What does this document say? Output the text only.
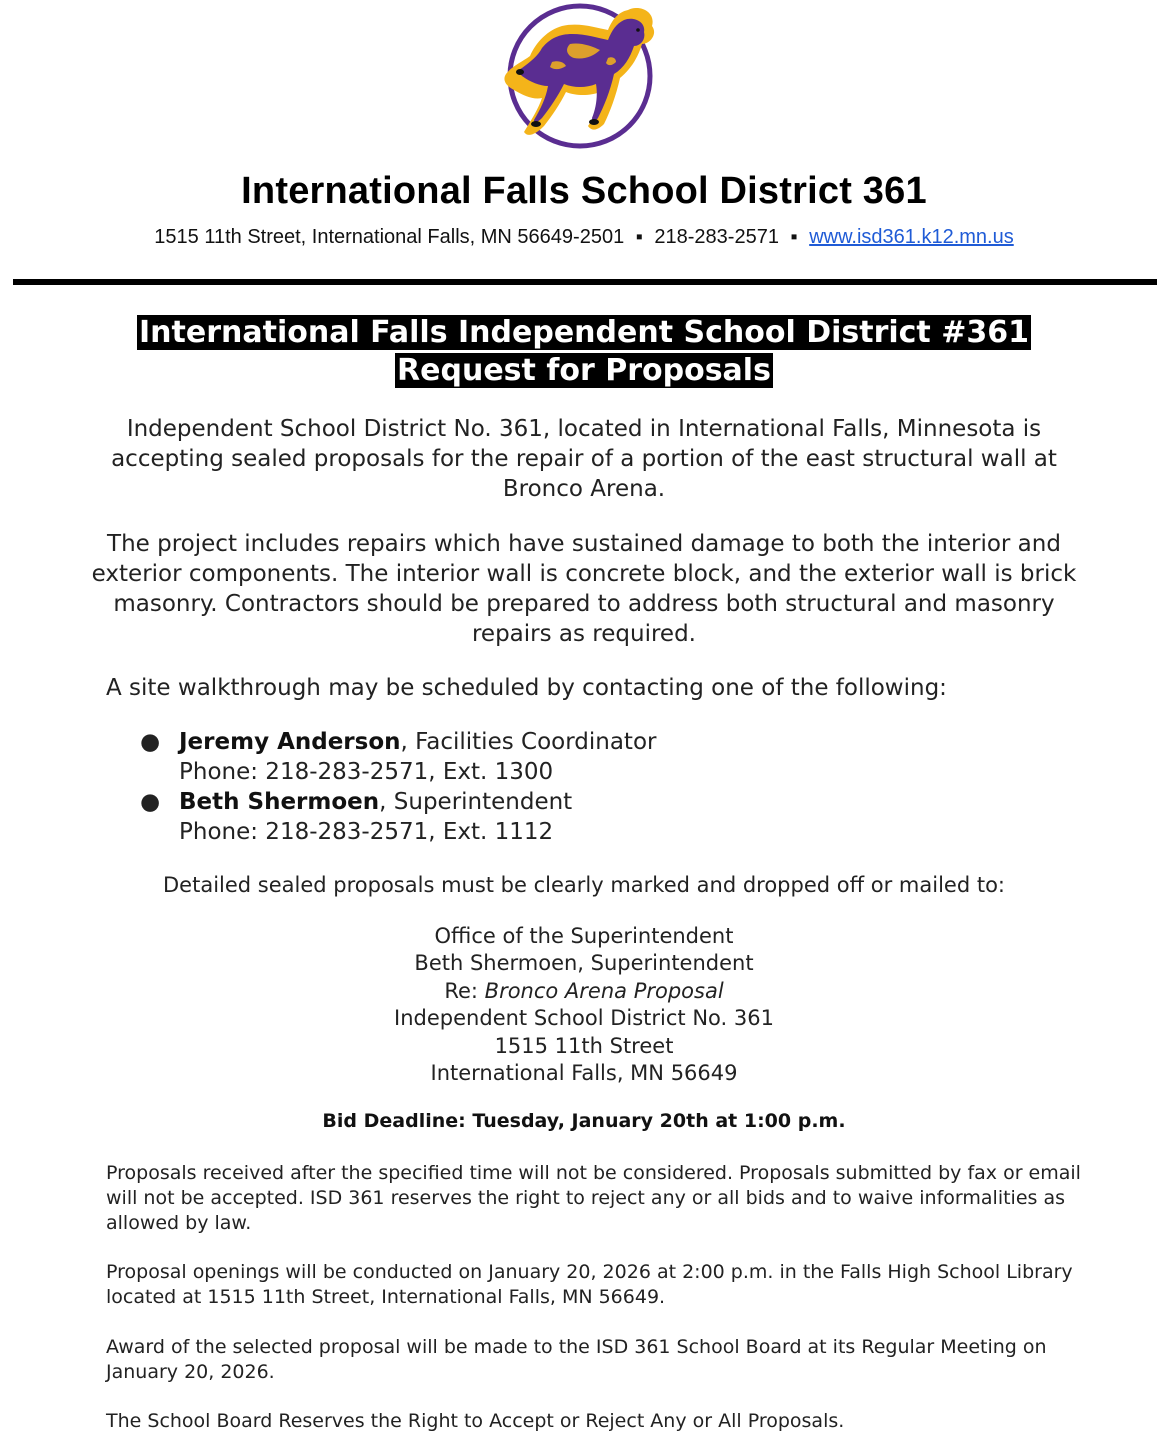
International Falls School District 361
1515 11th Street, International Falls, MN 56649-2501 ▪ 218-283-2571 ▪ www.isd361.k12.mn.us
International Falls Independent School District #361
Request for Proposals
Independent School District No. 361, located in International Falls, Minnesota is accepting sealed proposals for the repair of a portion of the east structural wall at Bronco Arena.
The project includes repairs which have sustained damage to both the interior and exterior components. The interior wall is concrete block, and the exterior wall is brick masonry. Contractors should be prepared to address both structural and masonry repairs as required.
A site walkthrough may be scheduled by contacting one of the following:
● Jeremy Anderson, Facilities Coordinator
Phone: 218-283-2571, Ext. 1300
● Beth Shermoen, Superintendent
Phone: 218-283-2571, Ext. 1112
Detailed sealed proposals must be clearly marked and dropped off or mailed to:
Office of the Superintendent
Beth Shermoen, Superintendent
Re: Bronco Arena Proposal
Independent School District No. 361
1515 11th Street
International Falls, MN 56649
Bid Deadline: Tuesday, January 20th at 1:00 p.m.
Proposals received after the specified time will not be considered. Proposals submitted by fax or email will not be accepted. ISD 361 reserves the right to reject any or all bids and to waive informalities as allowed by law.
Proposal openings will be conducted on January 20, 2026 at 2:00 p.m. in the Falls High School Library located at 1515 11th Street, International Falls, MN 56649.
Award of the selected proposal will be made to the ISD 361 School Board at its Regular Meeting on January 20, 2026.
The School Board Reserves the Right to Accept or Reject Any or All Proposals.
